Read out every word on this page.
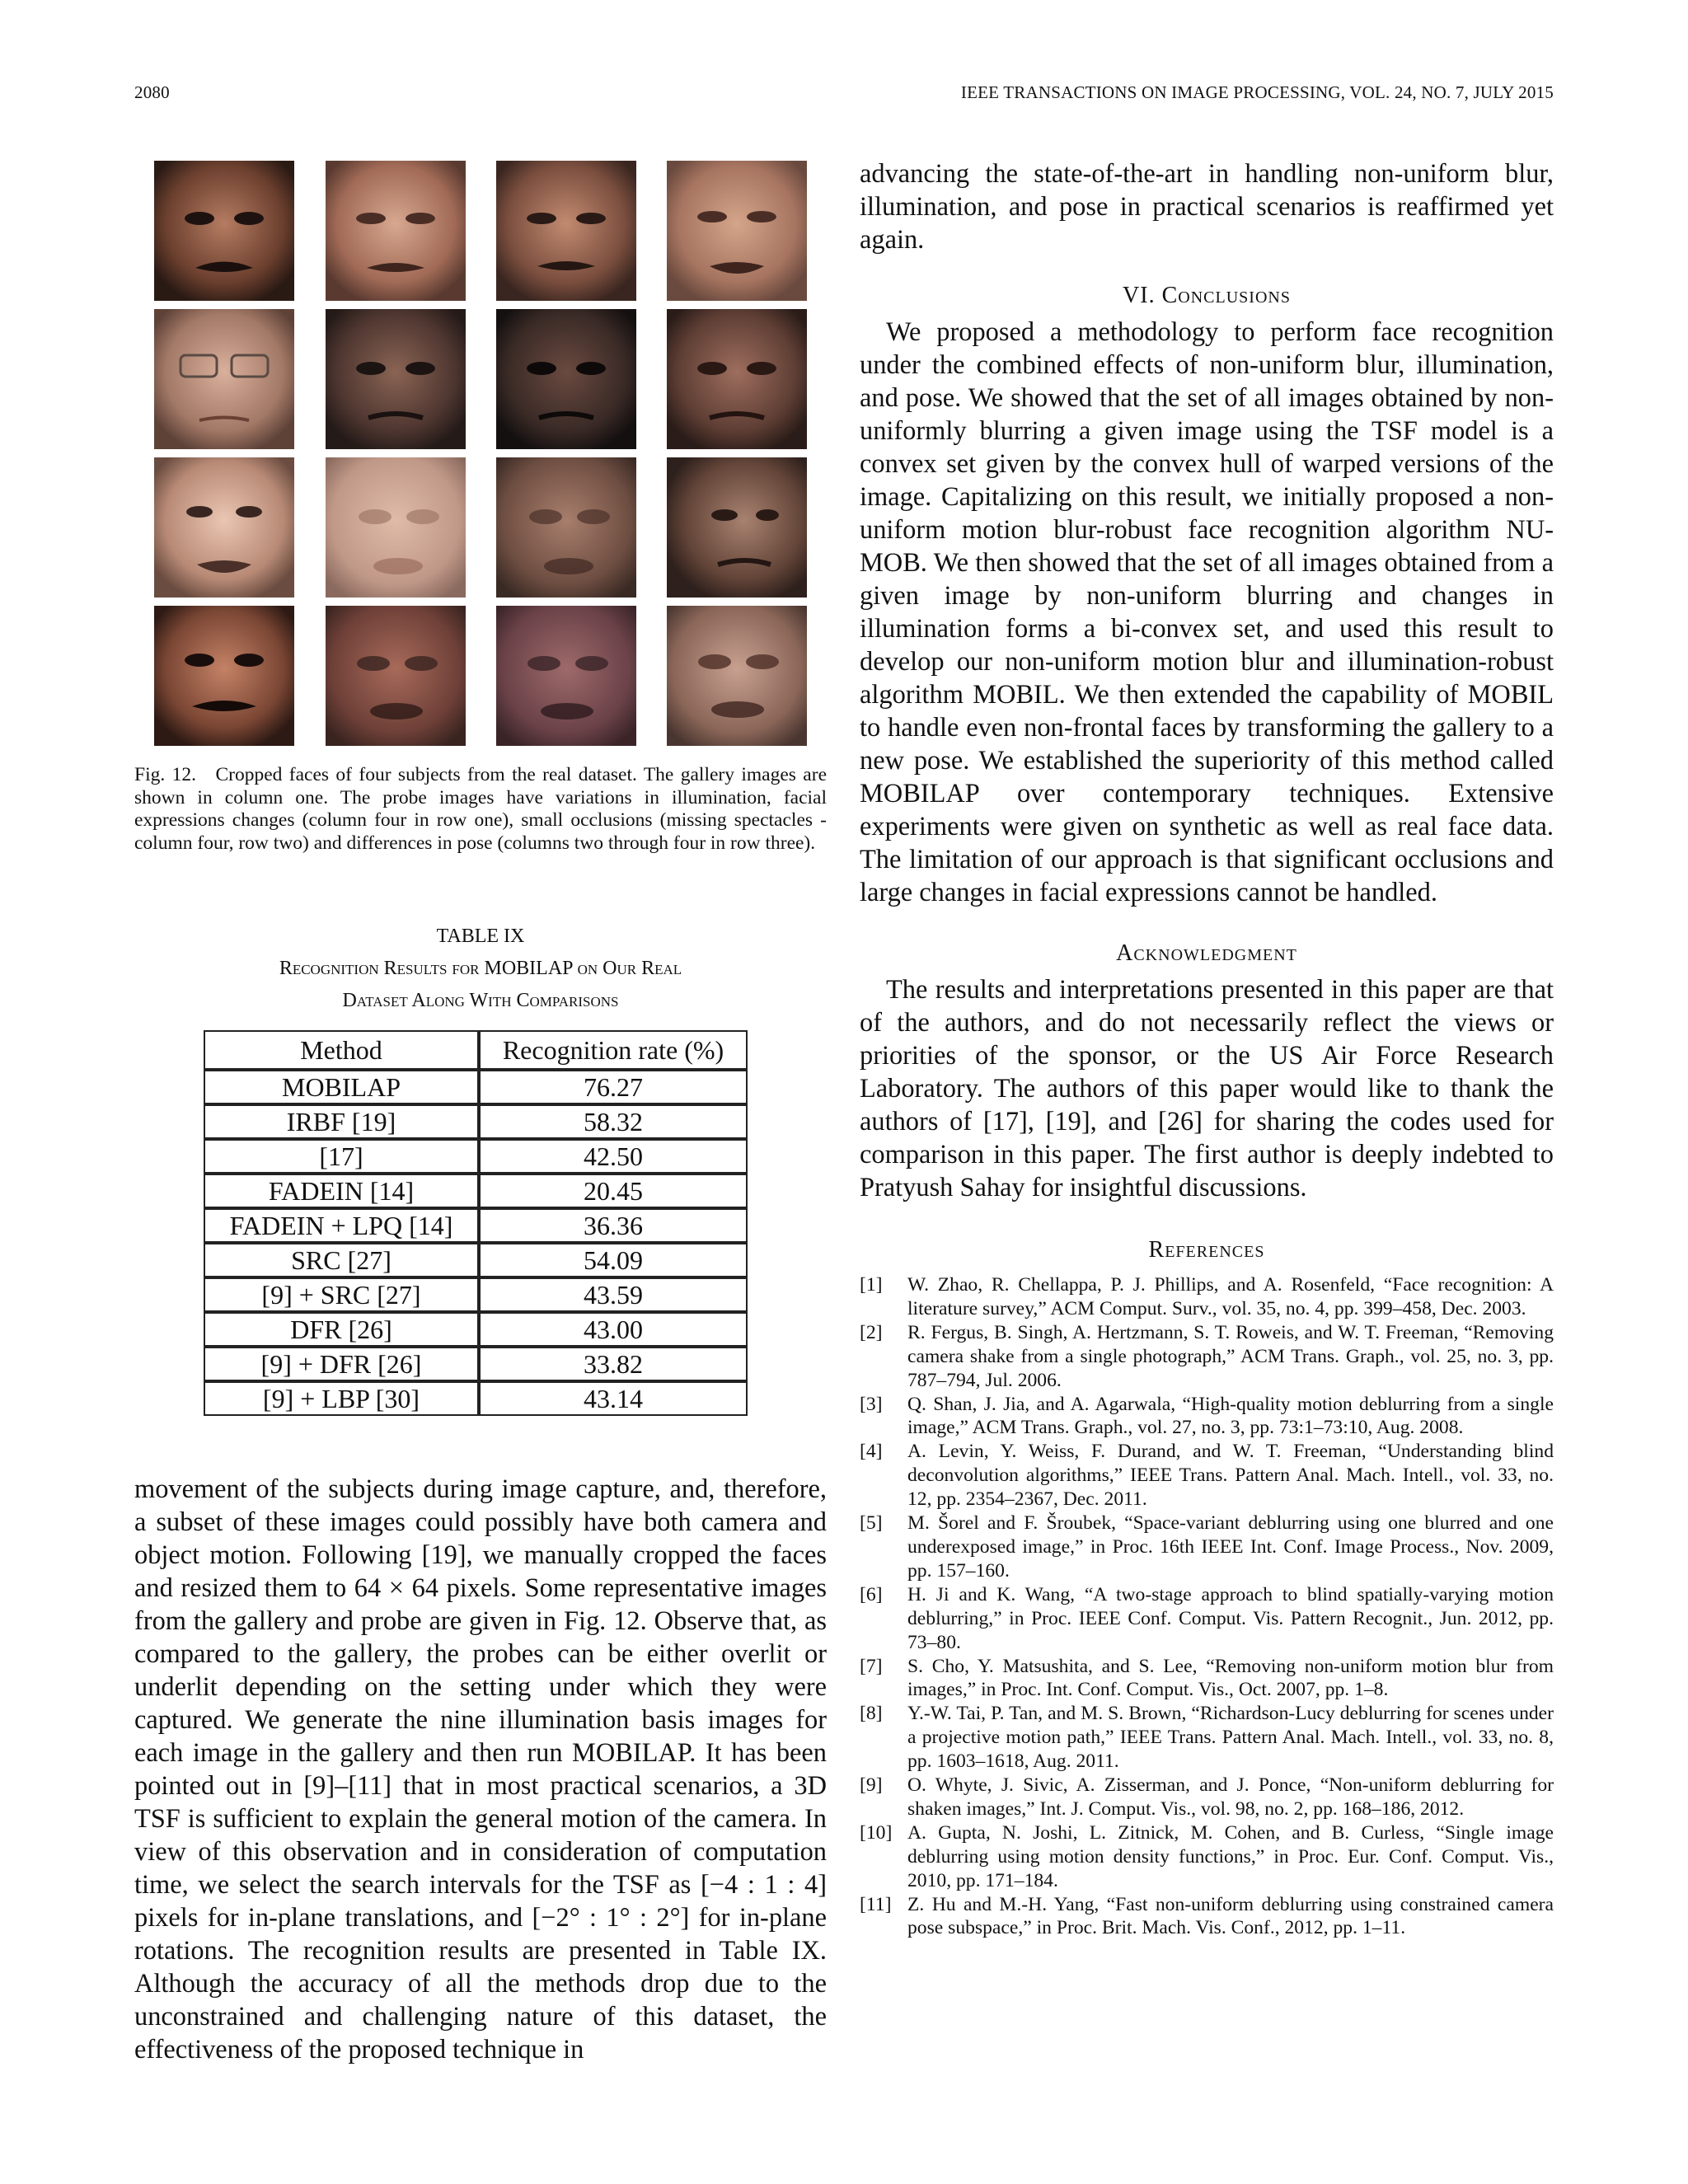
2080	IEEE TRANSACTIONS ON IMAGE PROCESSING, VOL. 24, NO. 7, JULY 2015

Fig. 12. Cropped faces of four subjects from the real dataset. The gallery images are shown in column one. The probe images have variations in illumination, facial expressions changes (column four in row one), small occlusions (missing spectacles - column four, row two) and differences in pose (columns two through four in row three).

TABLE IX
Recognition Results for MOBILAP on Our Real
Dataset Along With Comparisons
Method	Recognition rate (%)
MOBILAP	76.27
IRBF [19]	58.32
[17]	42.50
FADEIN [14]	20.45
FADEIN + LPQ [14]	36.36
SRC [27]	54.09
[9] + SRC [27]	43.59
DFR [26]	43.00
[9] + DFR [26]	33.82
[9] + LBP [30]	43.14

movement of the subjects during image capture, and, therefore, a subset of these images could possibly have both camera and object motion. Following [19], we manually cropped the faces and resized them to 64 × 64 pixels. Some representative images from the gallery and probe are given in Fig. 12. Observe that, as compared to the gallery, the probes can be either overlit or underlit depending on the setting under which they were captured. We generate the nine illumination basis images for each image in the gallery and then run MOBILAP. It has been pointed out in [9]–[11] that in most practical scenarios, a 3D TSF is sufficient to explain the general motion of the camera. In view of this observation and in consideration of computation time, we select the search intervals for the TSF as [−4 : 1 : 4] pixels for in-plane translations, and [−2° : 1° : 2°] for in-plane rotations. The recognition results are presented in Table IX. Although the accuracy of all the methods drop due to the unconstrained and challenging nature of this dataset, the effectiveness of the proposed technique in

advancing the state-of-the-art in handling non-uniform blur, illumination, and pose in practical scenarios is reaffirmed yet again.

VI. Conclusions

We proposed a methodology to perform face recognition under the combined effects of non-uniform blur, illumination, and pose. We showed that the set of all images obtained by non-uniformly blurring a given image using the TSF model is a convex set given by the convex hull of warped versions of the image. Capitalizing on this result, we initially proposed a non-uniform motion blur-robust face recognition algorithm NU-MOB. We then showed that the set of all images obtained from a given image by non-uniform blurring and changes in illumination forms a bi-convex set, and used this result to develop our non-uniform motion blur and illumination-robust algorithm MOBIL. We then extended the capability of MOBIL to handle even non-frontal faces by transforming the gallery to a new pose. We established the superiority of this method called MOBILAP over contemporary techniques. Extensive experiments were given on synthetic as well as real face data. The limitation of our approach is that significant occlusions and large changes in facial expressions cannot be handled.

Acknowledgment

The results and interpretations presented in this paper are that of the authors, and do not necessarily reflect the views or priorities of the sponsor, or the US Air Force Research Laboratory. The authors of this paper would like to thank the authors of [17], [19], and [26] for sharing the codes used for comparison in this paper. The first author is deeply indebted to Pratyush Sahay for insightful discussions.

References

[1] W. Zhao, R. Chellappa, P. J. Phillips, and A. Rosenfeld, “Face recognition: A literature survey,” ACM Comput. Surv., vol. 35, no. 4, pp. 399–458, Dec. 2003.
[2] R. Fergus, B. Singh, A. Hertzmann, S. T. Roweis, and W. T. Freeman, “Removing camera shake from a single photograph,” ACM Trans. Graph., vol. 25, no. 3, pp. 787–794, Jul. 2006.
[3] Q. Shan, J. Jia, and A. Agarwala, “High-quality motion deblurring from a single image,” ACM Trans. Graph., vol. 27, no. 3, pp. 73:1–73:10, Aug. 2008.
[4] A. Levin, Y. Weiss, F. Durand, and W. T. Freeman, “Understanding blind deconvolution algorithms,” IEEE Trans. Pattern Anal. Mach. Intell., vol. 33, no. 12, pp. 2354–2367, Dec. 2011.
[5] M. Šorel and F. Šroubek, “Space-variant deblurring using one blurred and one underexposed image,” in Proc. 16th IEEE Int. Conf. Image Process., Nov. 2009, pp. 157–160.
[6] H. Ji and K. Wang, “A two-stage approach to blind spatially-varying motion deblurring,” in Proc. IEEE Conf. Comput. Vis. Pattern Recognit., Jun. 2012, pp. 73–80.
[7] S. Cho, Y. Matsushita, and S. Lee, “Removing non-uniform motion blur from images,” in Proc. Int. Conf. Comput. Vis., Oct. 2007, pp. 1–8.
[8] Y.-W. Tai, P. Tan, and M. S. Brown, “Richardson-Lucy deblurring for scenes under a projective motion path,” IEEE Trans. Pattern Anal. Mach. Intell., vol. 33, no. 8, pp. 1603–1618, Aug. 2011.
[9] O. Whyte, J. Sivic, A. Zisserman, and J. Ponce, “Non-uniform deblurring for shaken images,” Int. J. Comput. Vis., vol. 98, no. 2, pp. 168–186, 2012.
[10] A. Gupta, N. Joshi, L. Zitnick, M. Cohen, and B. Curless, “Single image deblurring using motion density functions,” in Proc. Eur. Conf. Comput. Vis., 2010, pp. 171–184.
[11] Z. Hu and M.-H. Yang, “Fast non-uniform deblurring using constrained camera pose subspace,” in Proc. Brit. Mach. Vis. Conf., 2012, pp. 1–11.
